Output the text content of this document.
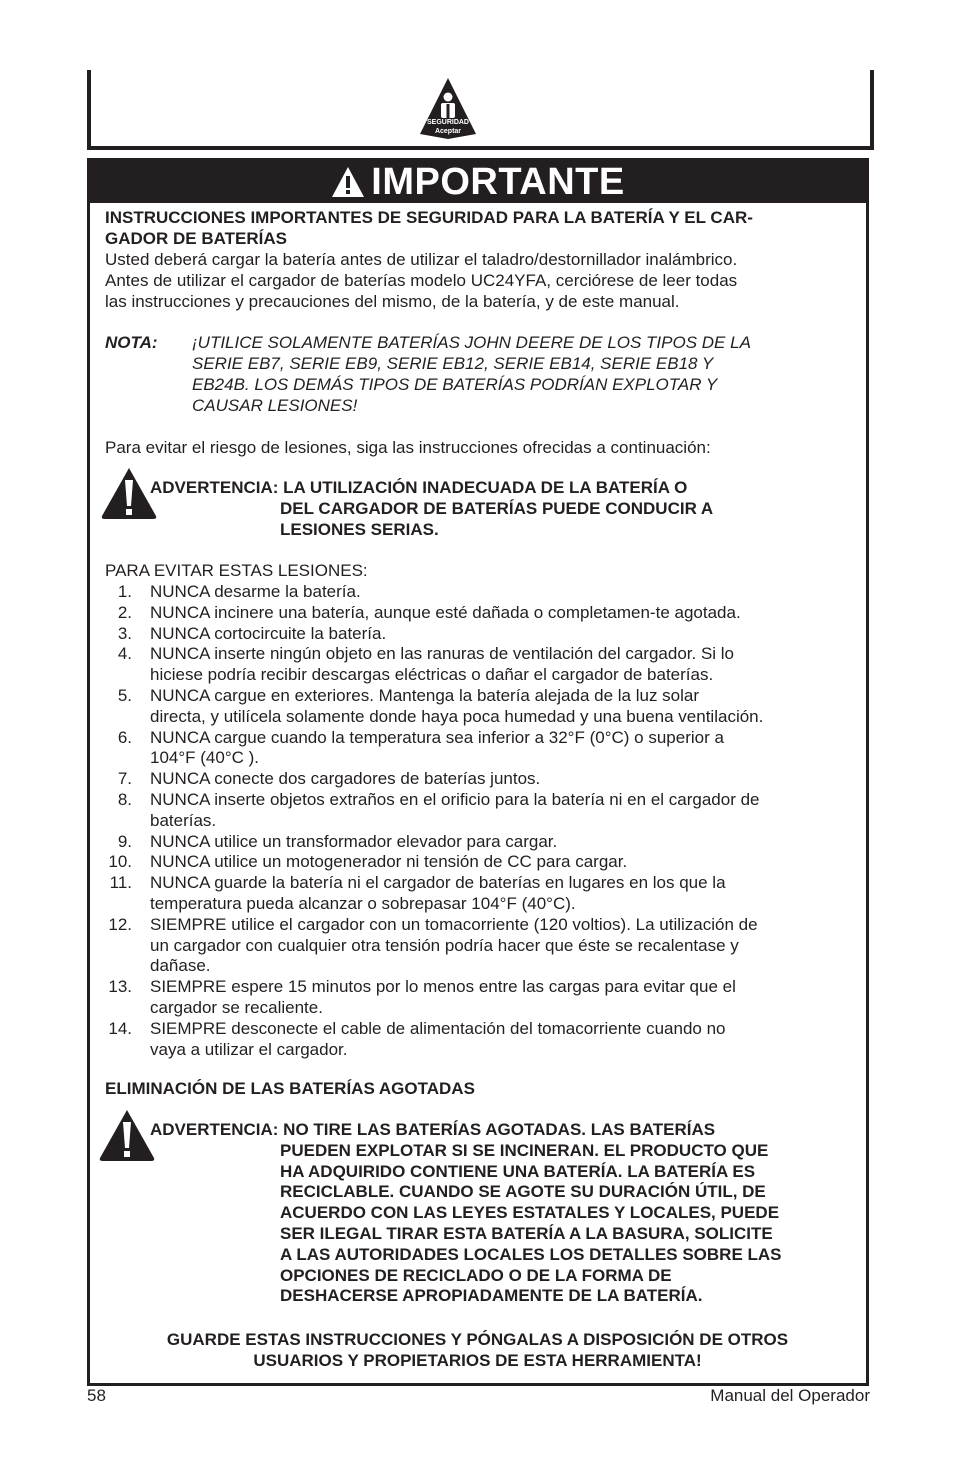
SEGURIDAD
Aceptar
IMPORTANTE
INSTRUCCIONES IMPORTANTES DE SEGURIDAD PARA LA BATERÍA Y EL CAR-
GADOR DE BATERÍAS
Usted deberá cargar la batería antes de utilizar el taladro/destornillador inalámbrico.
Antes de utilizar el cargador de baterías modelo UC24YFA, cerciórese de leer todas
las instrucciones y precauciones del mismo, de la batería, y de este manual.
NOTA: ¡UTILICE SOLAMENTE BATERÍAS JOHN DEERE DE LOS TIPOS DE LA
SERIE EB7, SERIE EB9, SERIE EB12, SERIE EB14, SERIE EB18 Y
EB24B. LOS DEMÁS TIPOS DE BATERÍAS PODRÍAN EXPLOTAR Y
CAUSAR LESIONES!
Para evitar el riesgo de lesiones, siga las instrucciones ofrecidas a continuación:
ADVERTENCIA: LA UTILIZACIÓN INADECUADA DE LA BATERÍA O
DEL CARGADOR DE BATERÍAS PUEDE CONDUCIR A
LESIONES SERIAS.
PARA EVITAR ESTAS LESIONES:
1. NUNCA desarme la batería.
2. NUNCA incinere una batería, aunque esté dañada o completamen-te agotada.
3. NUNCA cortocircuite la batería.
4. NUNCA inserte ningún objeto en las ranuras de ventilación del cargador. Si lo
hiciese podría recibir descargas eléctricas o dañar el cargador de baterías.
5. NUNCA cargue en exteriores. Mantenga la batería alejada de la luz solar
directa, y utilícela solamente donde haya poca humedad y una buena ventilación.
6. NUNCA cargue cuando la temperatura sea inferior a 32°F (0°C) o superior a
104°F (40°C ).
7. NUNCA conecte dos cargadores de baterías juntos.
8. NUNCA inserte objetos extraños en el orificio para la batería ni en el cargador de
baterías.
9. NUNCA utilice un transformador elevador para cargar.
10. NUNCA utilice un motogenerador ni tensión de CC para cargar.
11. NUNCA guarde la batería ni el cargador de baterías en lugares en los que la
temperatura pueda alcanzar o sobrepasar 104°F (40°C).
12. SIEMPRE utilice el cargador con un tomacorriente (120 voltios). La utilización de
un cargador con cualquier otra tensión podría hacer que éste se recalentase y
dañase.
13. SIEMPRE espere 15 minutos por lo menos entre las cargas para evitar que el
cargador se recaliente.
14. SIEMPRE desconecte el cable de alimentación del tomacorriente cuando no
vaya a utilizar el cargador.
ELIMINACIÓN DE LAS BATERÍAS AGOTADAS
ADVERTENCIA: NO TIRE LAS BATERÍAS AGOTADAS. LAS BATERÍAS
PUEDEN EXPLOTAR SI SE INCINERAN. EL PRODUCTO QUE
HA ADQUIRIDO CONTIENE UNA BATERÍA. LA BATERÍA ES
RECICLABLE. CUANDO SE AGOTE SU DURACIÓN ÚTIL, DE
ACUERDO CON LAS LEYES ESTATALES Y LOCALES, PUEDE
SER ILEGAL TIRAR ESTA BATERÍA A LA BASURA, SOLICITE
A LAS AUTORIDADES LOCALES LOS DETALLES SOBRE LAS
OPCIONES DE RECICLADO O DE LA FORMA DE
DESHACERSE APROPIADAMENTE DE LA BATERÍA.
GUARDE ESTAS INSTRUCCIONES Y PÓNGALAS A DISPOSICIÓN DE OTROS
USUARIOS Y PROPIETARIOS DE ESTA HERRAMIENTA!
58	Manual del Operador
